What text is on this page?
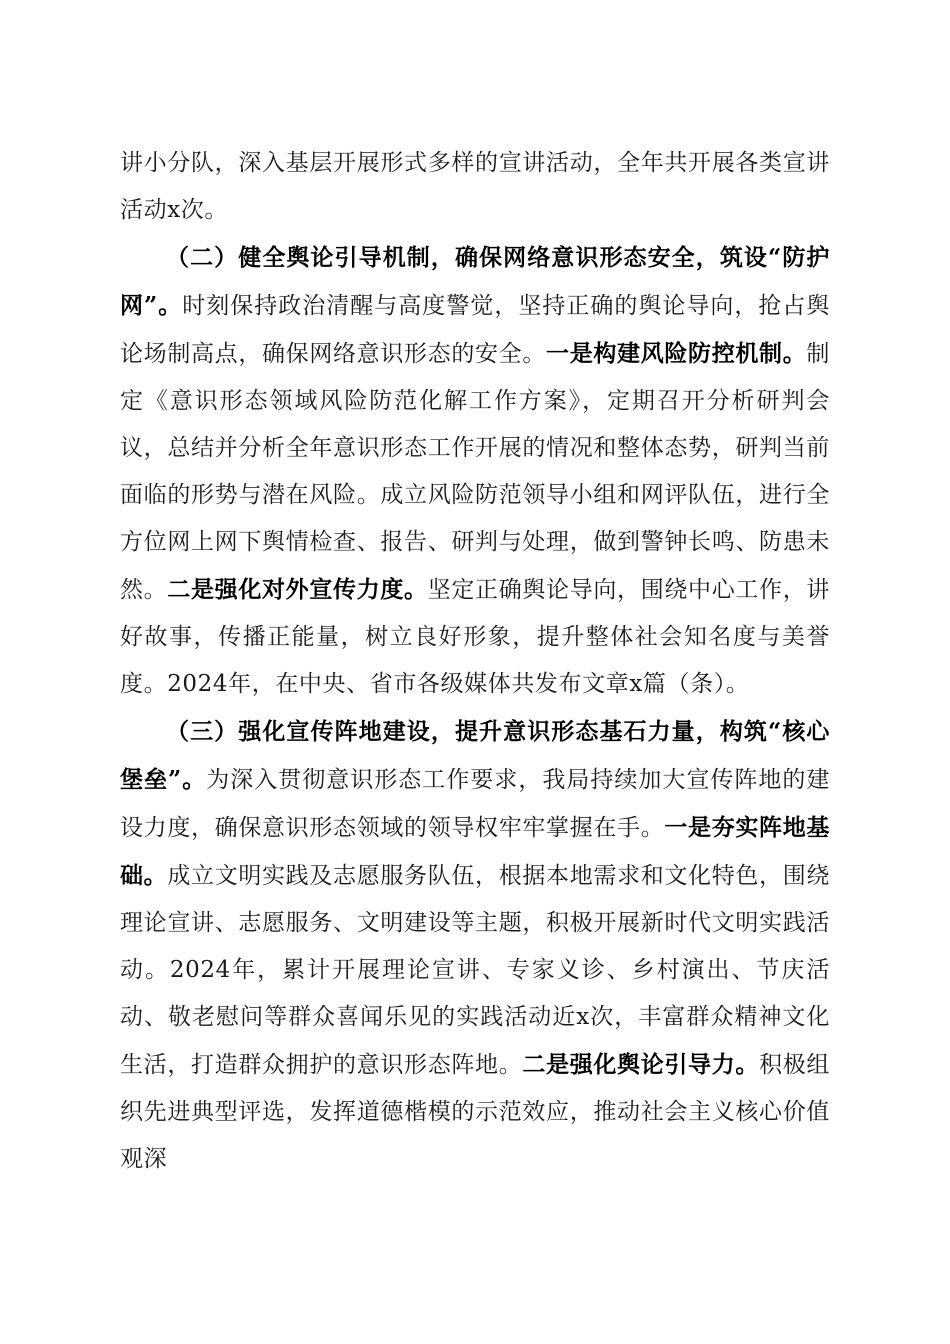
讲小分队，深入基层开展形式多样的宣讲活动，全年共开展各类宣讲活动x次。

（二）健全舆论引导机制，确保网络意识形态安全，筑设“防护网”。时刻保持政治清醒与高度警觉，坚持正确的舆论导向，抢占舆论场制高点，确保网络意识形态的安全。一是构建风险防控机制。制定《意识形态领域风险防范化解工作方案》，定期召开分析研判会议，总结并分析全年意识形态工作开展的情况和整体态势，研判当前面临的形势与潜在风险。成立风险防范领导小组和网评队伍，进行全方位网上网下舆情检查、报告、研判与处理，做到警钟长鸣、防患未然。二是强化对外宣传力度。坚定正确舆论导向，围绕中心工作，讲好故事，传播正能量，树立良好形象，提升整体社会知名度与美誉度。2024年，在中央、省市各级媒体共发布文章x篇（条）。

（三）强化宣传阵地建设，提升意识形态基石力量，构筑“核心堡垒”。为深入贯彻意识形态工作要求，我局持续加大宣传阵地的建设力度，确保意识形态领域的领导权牢牢掌握在手。一是夯实阵地基础。成立文明实践及志愿服务队伍，根据本地需求和文化特色，围绕理论宣讲、志愿服务、文明建设等主题，积极开展新时代文明实践活动。2024年，累计开展理论宣讲、专家义诊、乡村演出、节庆活动、敬老慰问等群众喜闻乐见的实践活动近x次，丰富群众精神文化生活，打造群众拥护的意识形态阵地。二是强化舆论引导力。积极组织先进典型评选，发挥道德楷模的示范效应，推动社会主义核心价值观深
